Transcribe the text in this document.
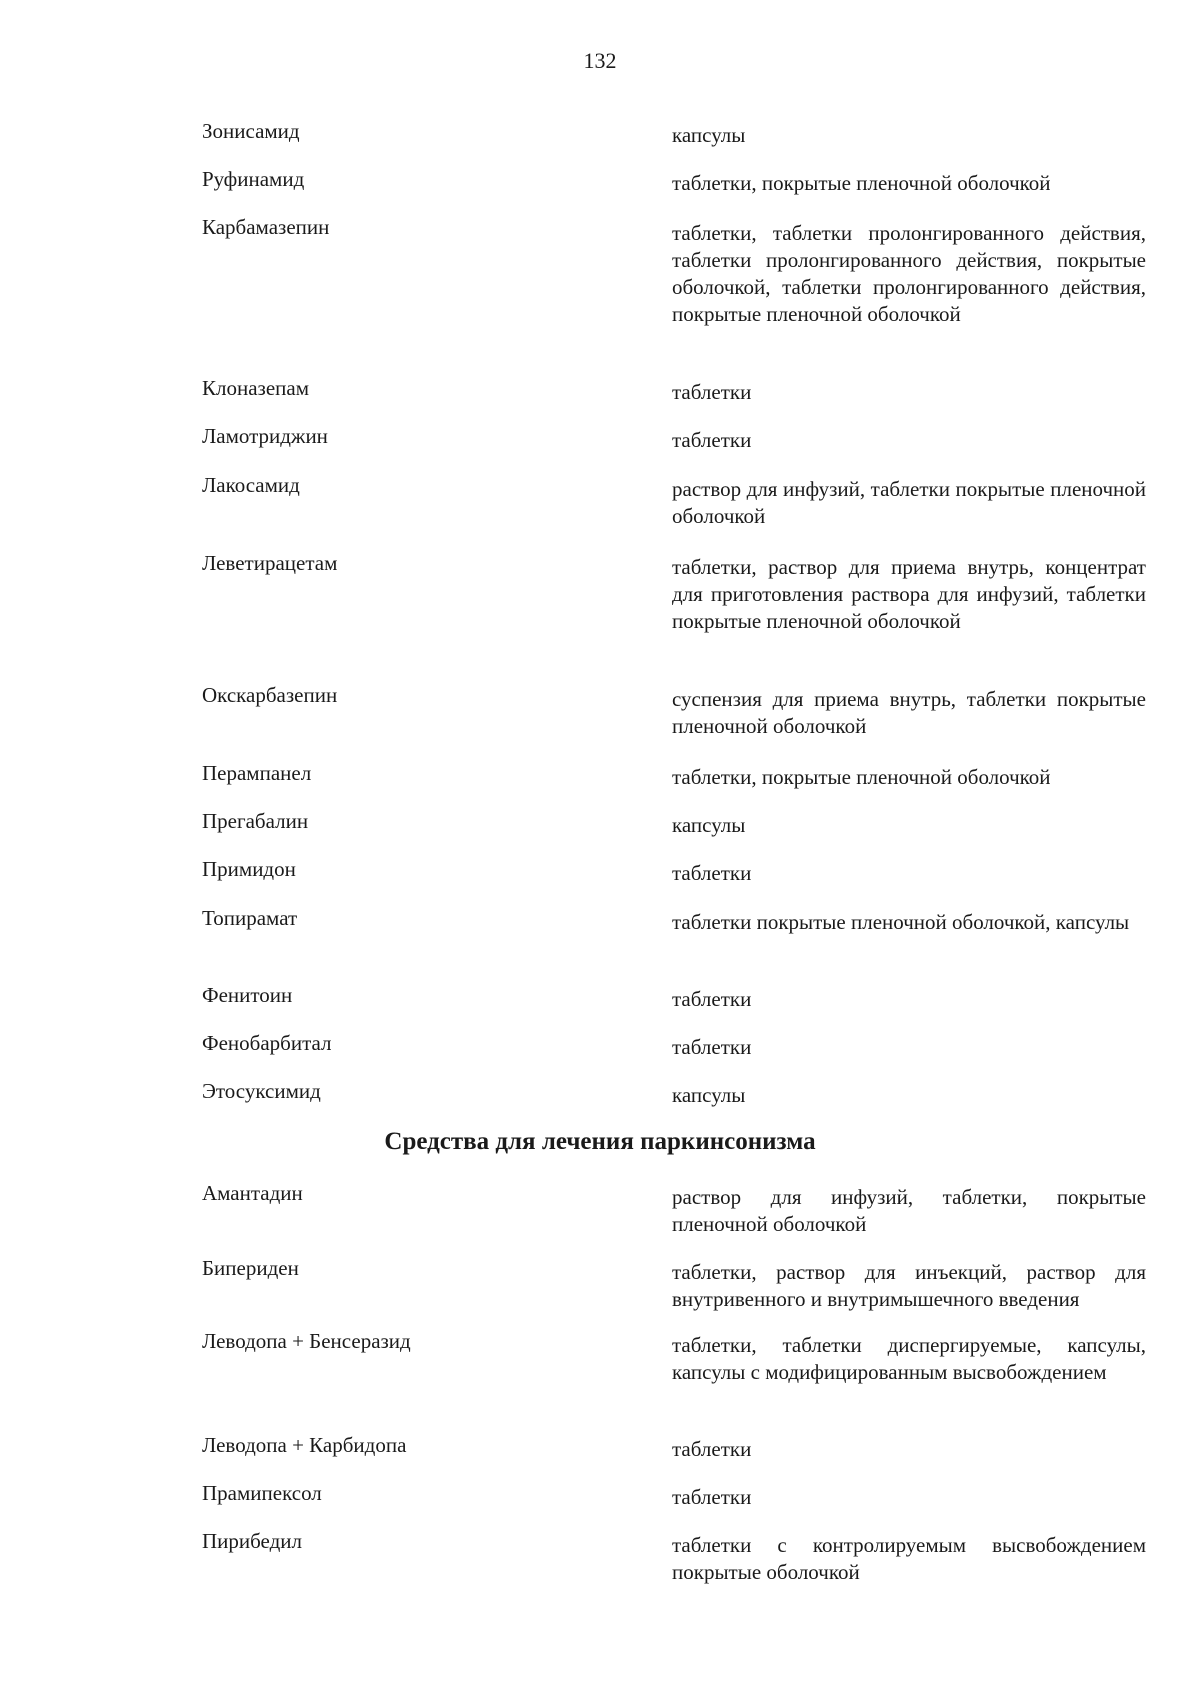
132
Зонисамид	капсулы
Руфинамид	таблетки, покрытые пленочной оболочкой
Карбамазепин	таблетки, таблетки пролонгированного действия, таблетки пролонгированного действия, покрытые оболочкой, таблетки пролонгированного действия, покрытые пленочной оболочкой
Клоназепам	таблетки
Ламотриджин	таблетки
Лакосамид	раствор для инфузий, таблетки покрытые пленочной оболочкой
Леветирацетам	таблетки, раствор для приема внутрь, концентрат для приготовления раствора для инфузий, таблетки покрытые пленочной оболочкой
Окскарбазепин	суспензия для приема внутрь, таблетки покрытые пленочной оболочкой
Перампанел	таблетки, покрытые пленочной оболочкой
Прегабалин	капсулы
Примидон	таблетки
Топирамат	таблетки покрытые пленочной оболочкой, капсулы
Фенитоин	таблетки
Фенобарбитал	таблетки
Этосуксимид	капсулы
Средства для лечения паркинсонизма
Амантадин	раствор для инфузий, таблетки, покрытые пленочной оболочкой
Бипериден	таблетки, раствор для инъекций, раствор для внутривенного и внутримышечного введения
Леводопа + Бенсеразид	таблетки, таблетки диспергируемые, капсулы, капсулы с модифицированным высвобождением
Леводопа + Карбидопа	таблетки
Прамипексол	таблетки
Пирибедил	таблетки с контролируемым высвобождением покрытые оболочкой
